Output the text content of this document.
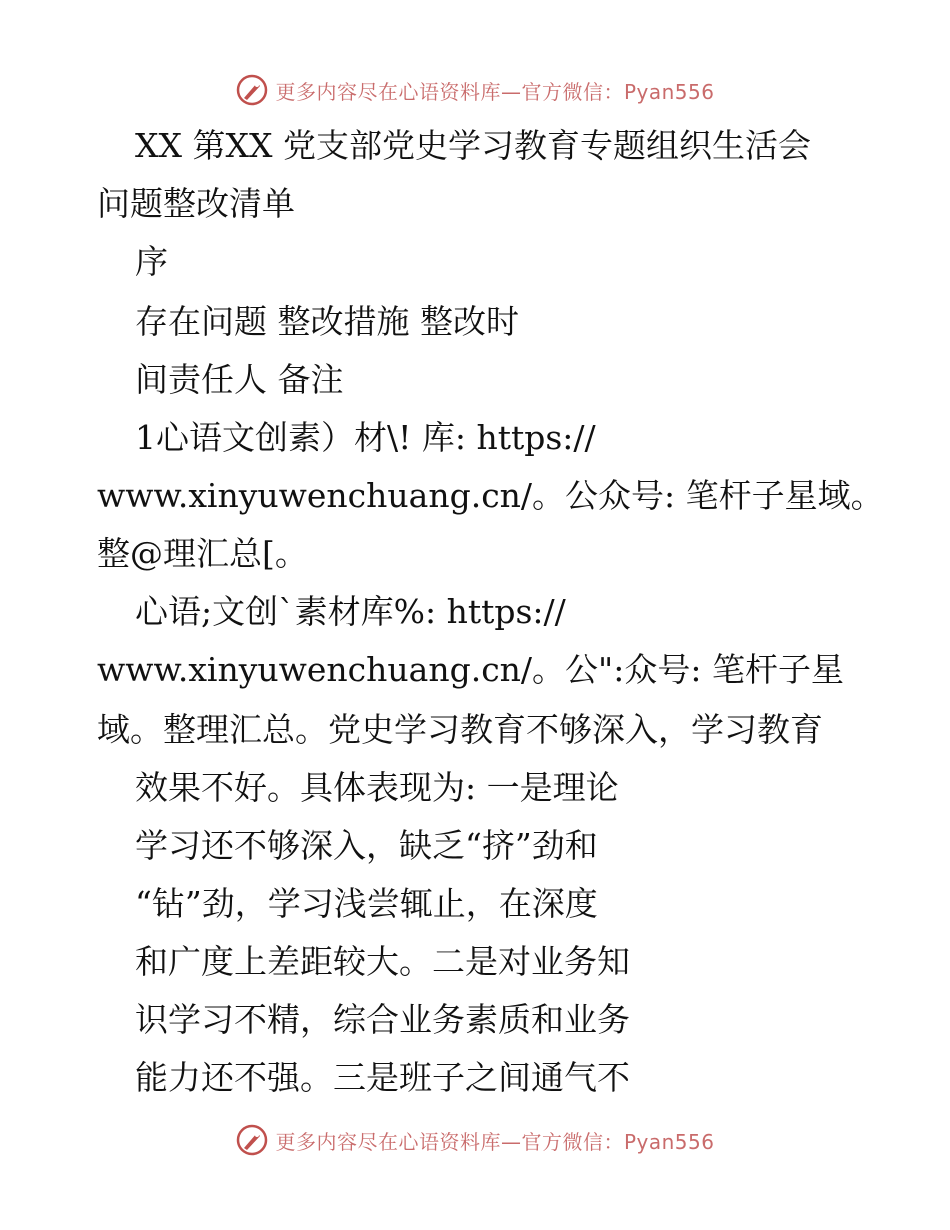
更多内容尽在心语资料库—官方微信：Pyan556
XX 第XX 党支部党史学习教育专题组织生活会
问题整改清单
序
存在问题 整改措施 整改时
间责任人 备注
1心语文创素）材\! 库: https://
www.xinyuwenchuang.cn/。公众号: 笔杆子星域。
整@理汇总[。
心语;文创`素材库%: https://
www.xinyuwenchuang.cn/。公":众号: 笔杆子星
域。整理汇总。党史学习教育不够深入，学习教育
效果不好。具体表现为: 一是理论
学习还不够深入，缺乏“挤”劲和
“钻”劲，学习浅尝辄止，在深度
和广度上差距较大。二是对业务知
识学习不精，综合业务素质和业务
能力还不强。三是班子之间通气不
更多内容尽在心语资料库—官方微信：Pyan556
